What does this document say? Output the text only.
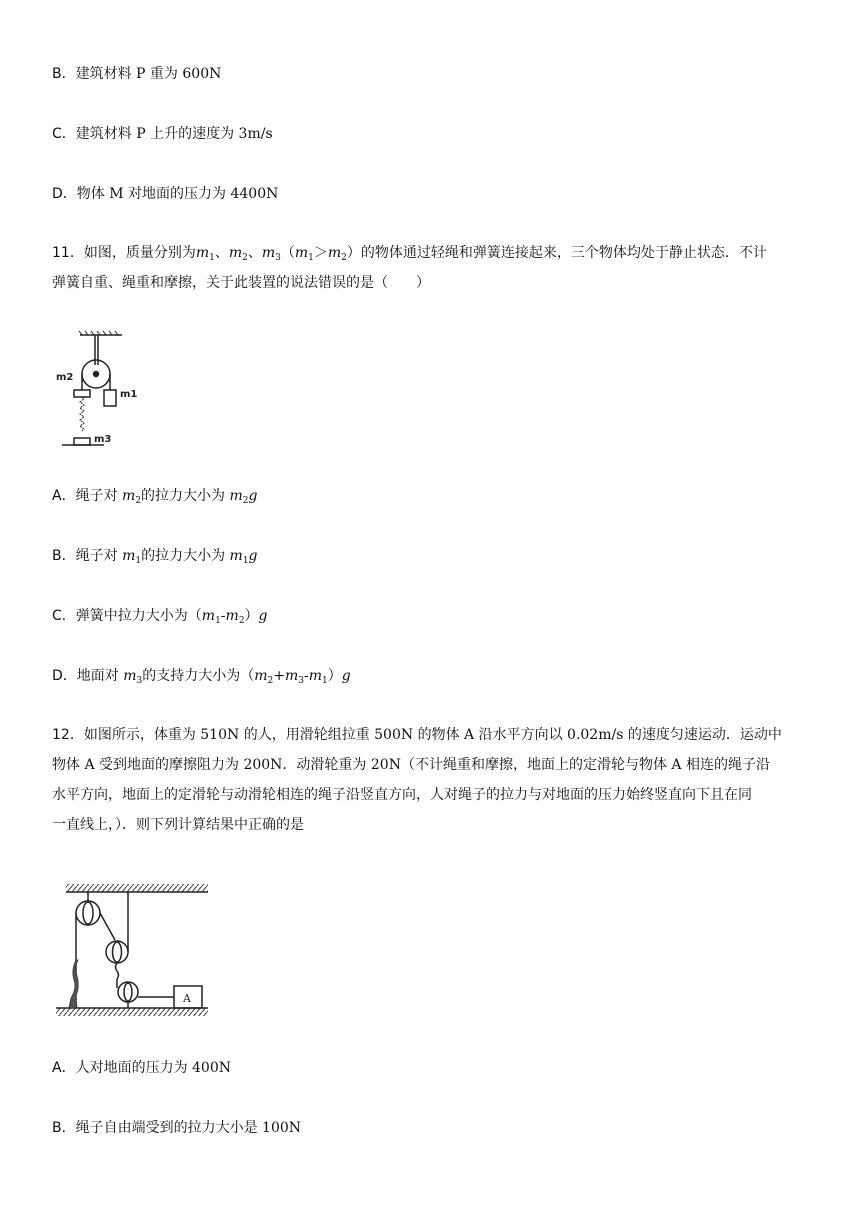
B．建筑材料 P 重为 600N
C．建筑材料 P 上升的速度为 3m/s
D．物体 M 对地面的压力为 4400N
11．如图，质量分别为$m_1$、$m_2$、$m_3(m_1>m_2)$的物体通过轻绳和弹簧连接起来，三个物体均处于静止状态．不计
弹簧自重、绳重和摩擦，关于此装置的说法错误的是（　　）
m2
m1
m3
A．绳子对 $m_2$的拉力大小为 $m_2g$
B．绳子对 $m_1$的拉力大小为 $m_1g$
C．弹簧中拉力大小为$(m_1-m_2)g$
D．地面对 $m_3$的支持力大小为$(m_2+m_3-m_1)g$
12．如图所示，体重为 510N 的人，用滑轮组拉重 500N 的物体 A 沿水平方向以 0.02m/s 的速度匀速运动．运动中
物体 A 受到地面的摩擦阻力为 200N．动滑轮重为 20N（不计绳重和摩擦，地面上的定滑轮与物体 A 相连的绳子沿
水平方向，地面上的定滑轮与动滑轮相连的绳子沿竖直方向，人对绳子的拉力与对地面的压力始终竖直向下且在同
一直线上，）．则下列计算结果中正确的是
A
A．人对地面的压力为 400N
B．绳子自由端受到的拉力大小是 100N
